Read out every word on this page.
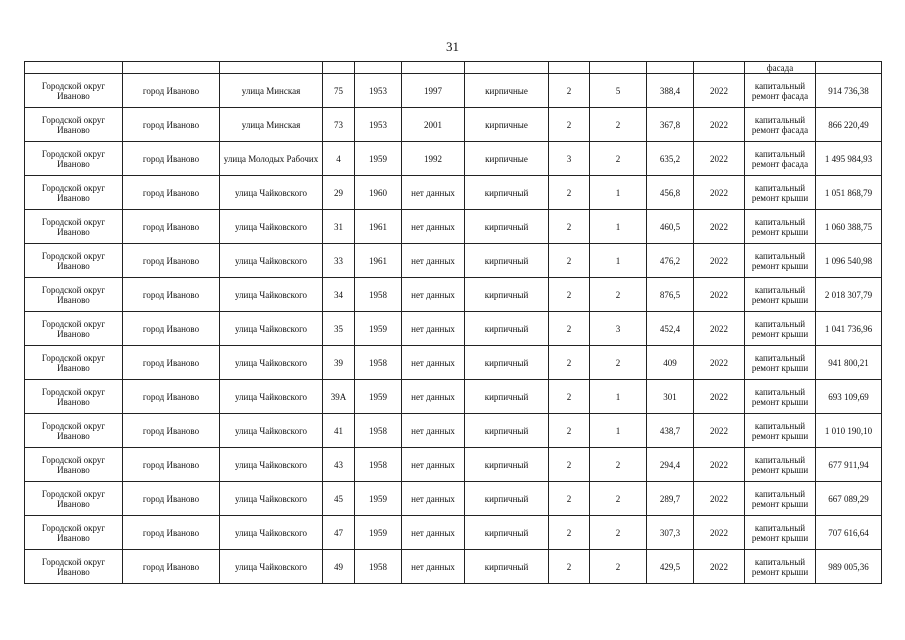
31
											фасада	
Городской округ Иваново	город Иваново	улица Минская	75	1953	1997	кирпичные	2	5	388,4	2022	капитальный ремонт фасада	914 736,38
Городской округ Иваново	город Иваново	улица Минская	73	1953	2001	кирпичные	2	2	367,8	2022	капитальный ремонт фасада	866 220,49
Городской округ Иваново	город Иваново	улица Молодых Рабочих	4	1959	1992	кирпичные	3	2	635,2	2022	капитальный ремонт фасада	1 495 984,93
Городской округ Иваново	город Иваново	улица Чайковского	29	1960	нет данных	кирпичный	2	1	456,8	2022	капитальный ремонт крыши	1 051 868,79
Городской округ Иваново	город Иваново	улица Чайковского	31	1961	нет данных	кирпичный	2	1	460,5	2022	капитальный ремонт крыши	1 060 388,75
Городской округ Иваново	город Иваново	улица Чайковского	33	1961	нет данных	кирпичный	2	1	476,2	2022	капитальный ремонт крыши	1 096 540,98
Городской округ Иваново	город Иваново	улица Чайковского	34	1958	нет данных	кирпичный	2	2	876,5	2022	капитальный ремонт крыши	2 018 307,79
Городской округ Иваново	город Иваново	улица Чайковского	35	1959	нет данных	кирпичный	2	3	452,4	2022	капитальный ремонт крыши	1 041 736,96
Городской округ Иваново	город Иваново	улица Чайковского	39	1958	нет данных	кирпичный	2	2	409	2022	капитальный ремонт крыши	941 800,21
Городской округ Иваново	город Иваново	улица Чайковского	39А	1959	нет данных	кирпичный	2	1	301	2022	капитальный ремонт крыши	693 109,69
Городской округ Иваново	город Иваново	улица Чайковского	41	1958	нет данных	кирпичный	2	1	438,7	2022	капитальный ремонт крыши	1 010 190,10
Городской округ Иваново	город Иваново	улица Чайковского	43	1958	нет данных	кирпичный	2	2	294,4	2022	капитальный ремонт крыши	677 911,94
Городской округ Иваново	город Иваново	улица Чайковского	45	1959	нет данных	кирпичный	2	2	289,7	2022	капитальный ремонт крыши	667 089,29
Городской округ Иваново	город Иваново	улица Чайковского	47	1959	нет данных	кирпичный	2	2	307,3	2022	капитальный ремонт крыши	707 616,64
Городской округ Иваново	город Иваново	улица Чайковского	49	1958	нет данных	кирпичный	2	2	429,5	2022	капитальный ремонт крыши	989 005,36
